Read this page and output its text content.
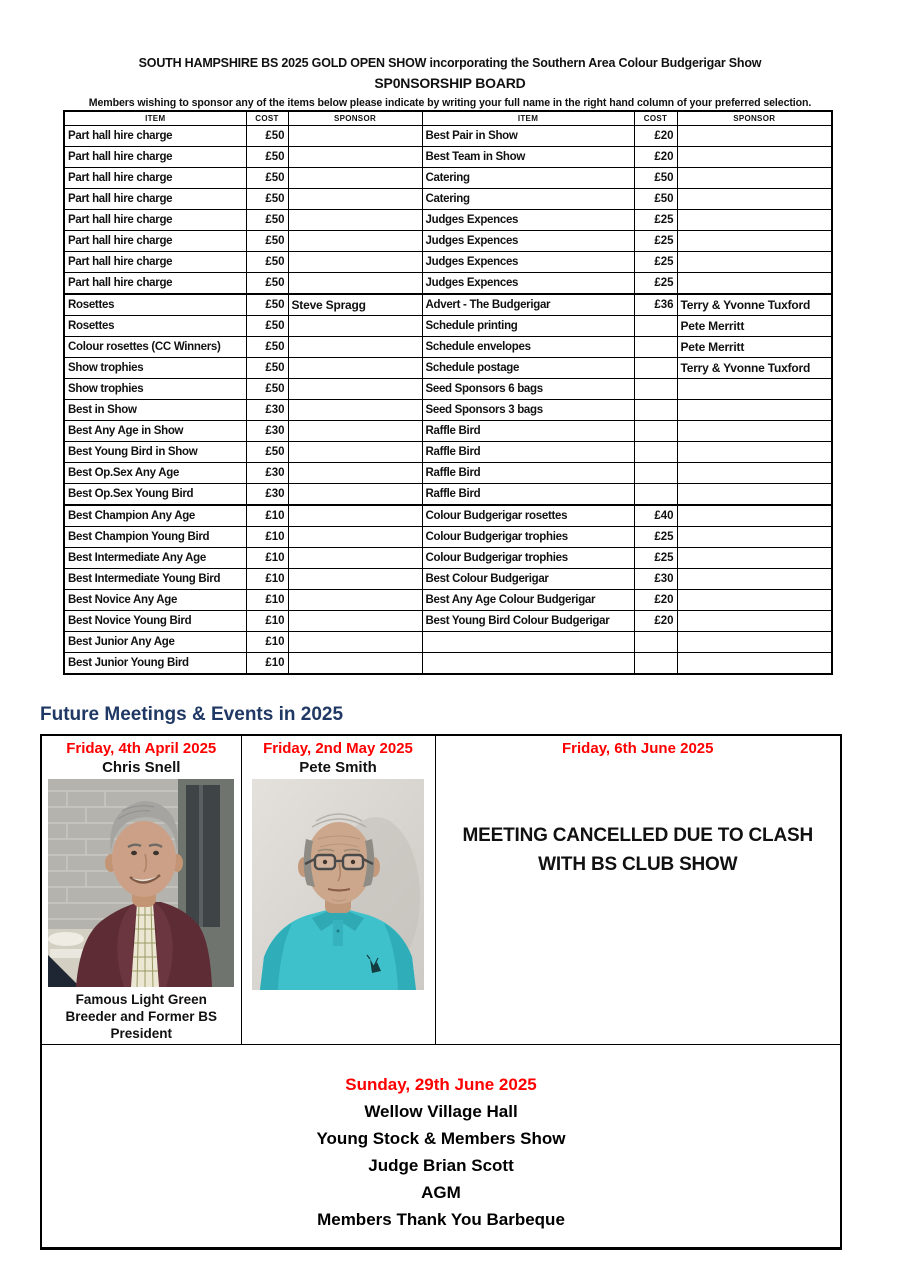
SOUTH HAMPSHIRE BS 2025 GOLD OPEN SHOW incorporating the Southern Area Colour Budgerigar Show
SP0NSORSHIP BOARD
Members wishing to sponsor any of the items below please indicate by writing your full name in the right hand column of your preferred selection.
ITEM	COST	SPONSOR	ITEM	COST	SPONSOR
Part hall hire charge	£50		Best Pair in Show	£20	
Part hall hire charge	£50		Best Team in Show	£20	
Part hall hire charge	£50		Catering	£50	
Part hall hire charge	£50		Catering	£50	
Part hall hire charge	£50		Judges Expences	£25	
Part hall hire charge	£50		Judges Expences	£25	
Part hall hire charge	£50		Judges Expences	£25	
Part hall hire charge	£50		Judges Expences	£25	
Rosettes	£50	Steve Spragg	Advert - The Budgerigar	£36	Terry & Yvonne Tuxford
Rosettes	£50		Schedule printing		Pete Merritt
Colour rosettes (CC Winners)	£50		Schedule envelopes		Pete Merritt
Show trophies	£50		Schedule postage		Terry & Yvonne Tuxford
Show trophies	£50		Seed Sponsors 6 bags		
Best in Show	£30		Seed Sponsors 3 bags		
Best Any Age in Show	£30		Raffle Bird		
Best Young Bird in Show	£50		Raffle Bird		
Best Op.Sex Any Age	£30		Raffle Bird		
Best Op.Sex Young Bird	£30		Raffle Bird		
Best Champion Any Age	£10		Colour Budgerigar rosettes	£40	
Best Champion Young Bird	£10		Colour Budgerigar trophies	£25	
Best Intermediate Any Age	£10		Colour Budgerigar trophies	£25	
Best Intermediate Young Bird	£10		Best Colour Budgerigar	£30	
Best Novice Any Age	£10		Best Any Age Colour Budgerigar	£20	
Best Novice Young Bird	£10		Best Young Bird Colour Budgerigar	£20	
Best Junior Any Age	£10				
Best Junior Young Bird	£10				
Future Meetings & Events in 2025
Friday, 4th April 2025
Chris Snell
Famous Light Green Breeder and Former BS President

Friday, 2nd May 2025
Pete Smith

Friday, 6th June 2025
MEETING CANCELLED DUE TO CLASH WITH BS CLUB SHOW

Sunday, 29th June 2025
Wellow Village Hall
Young Stock & Members Show
Judge Brian Scott
AGM
Members Thank You Barbeque
